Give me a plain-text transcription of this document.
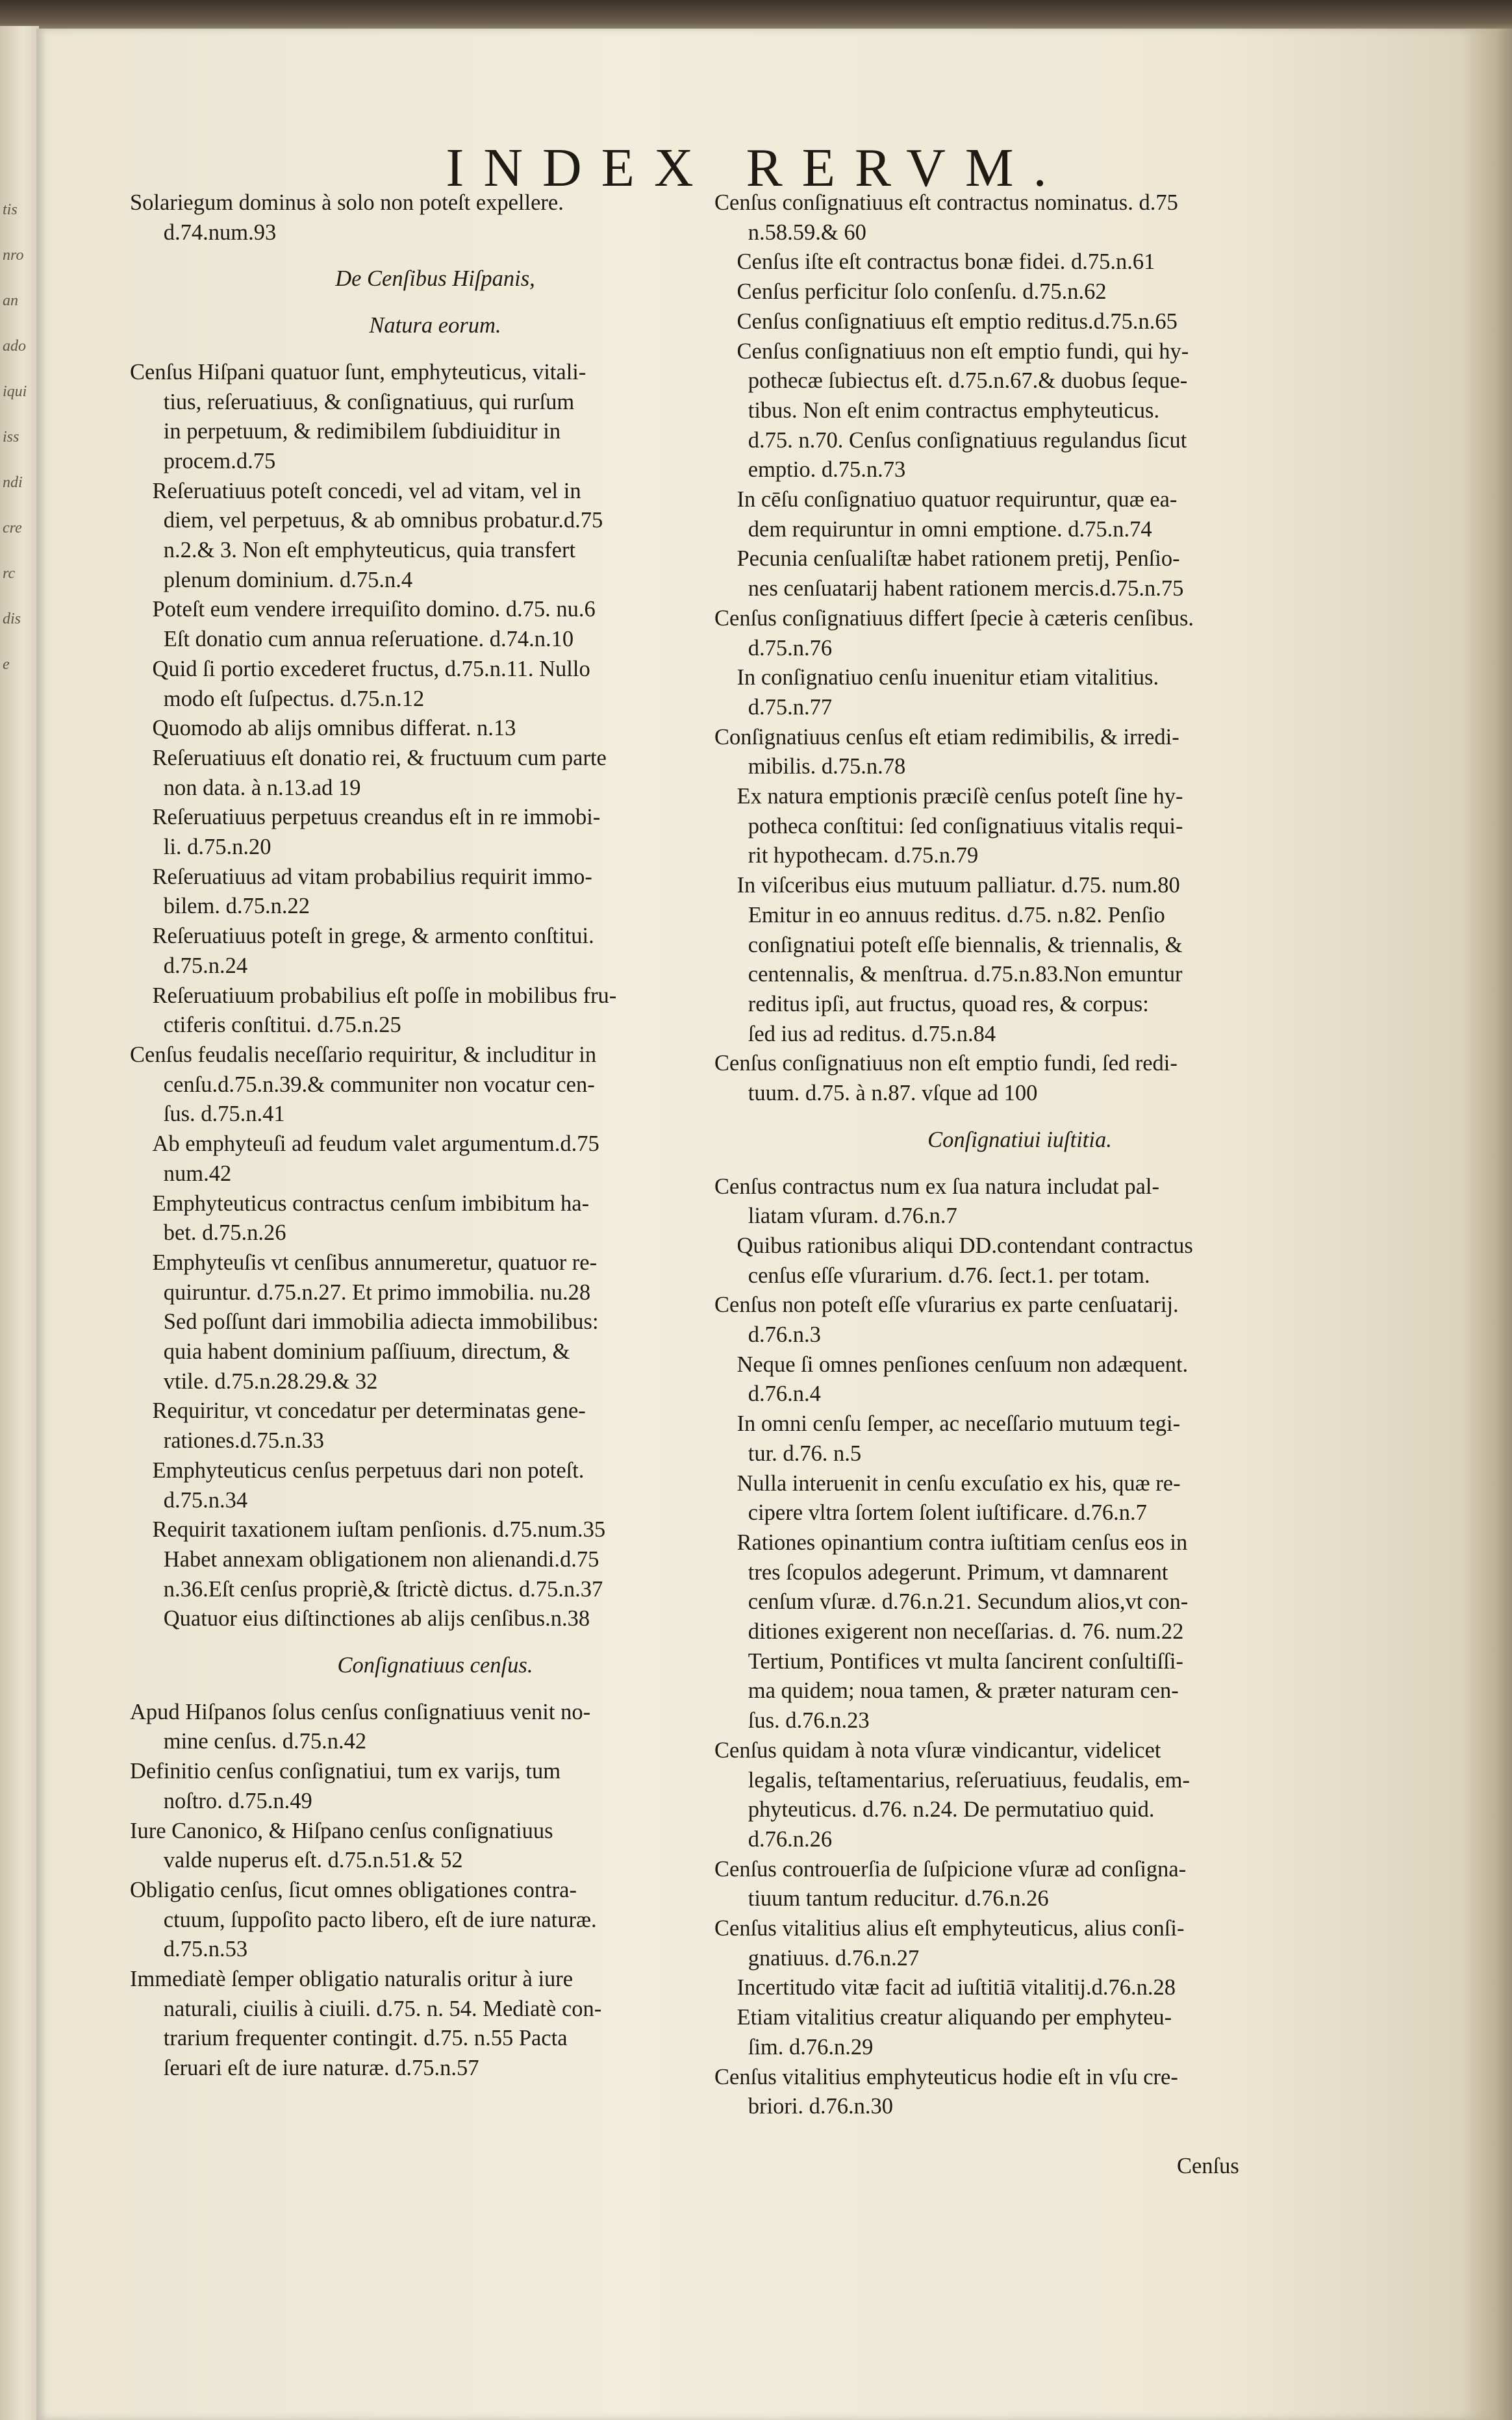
tis
nro
an
ado
iqui
iss
ndi
cre
rc
dis
e
INDEX RERVM.
Solariegum dominus à solo non poteſt expellere.
d.74.num.93
De Cenſibus Hiſpanis,
Natura eorum.
Cenſus Hiſpani quatuor ſunt, emphyteuticus, vitali-
tius, reſeruatiuus, & conſignatiuus, qui rurſum
in perpetuum, & redimibilem ſubdiuiditur in
procem.d.75
Reſeruatiuus poteſt concedi, vel ad vitam, vel in
diem, vel perpetuus, & ab omnibus probatur.d.75
n.2.& 3. Non eſt emphyteuticus, quia transfert
plenum dominium. d.75.n.4
Poteſt eum vendere irrequiſito domino. d.75. nu.6
Eſt donatio cum annua reſeruatione. d.74.n.10
Quid ſi portio excederet fructus, d.75.n.11. Nullo
modo eſt ſuſpectus. d.75.n.12
Quomodo ab alijs omnibus differat. n.13
Reſeruatiuus eſt donatio rei, & fructuum cum parte
non data. à n.13.ad 19
Reſeruatiuus perpetuus creandus eſt in re immobi-
li. d.75.n.20
Reſeruatiuus ad vitam probabilius requirit immo-
bilem. d.75.n.22
Reſeruatiuus poteſt in grege, & armento conſtitui.
d.75.n.24
Reſeruatiuum probabilius eſt poſſe in mobilibus fru-
ctiferis conſtitui. d.75.n.25
Cenſus feudalis neceſſario requiritur, & includitur in
cenſu.d.75.n.39.& communiter non vocatur cen-
ſus. d.75.n.41
Ab emphyteuſi ad feudum valet argumentum.d.75
num.42
Emphyteuticus contractus cenſum imbibitum ha-
bet. d.75.n.26
Emphyteuſis vt cenſibus annumeretur, quatuor re-
quiruntur. d.75.n.27. Et primo immobilia. nu.28
Sed poſſunt dari immobilia adiecta immobilibus:
quia habent dominium paſſiuum, directum, &
vtile. d.75.n.28.29.& 32
Requiritur, vt concedatur per determinatas gene-
rationes.d.75.n.33
Emphyteuticus cenſus perpetuus dari non poteſt.
d.75.n.34
Requirit taxationem iuſtam penſionis. d.75.num.35
Habet annexam obligationem non alienandi.d.75
n.36.Eſt cenſus propriè,& ſtrictè dictus. d.75.n.37
Quatuor eius diſtinctiones ab alijs cenſibus.n.38
Conſignatiuus cenſus.
Apud Hiſpanos ſolus cenſus conſignatiuus venit no-
mine cenſus. d.75.n.42
Definitio cenſus conſignatiui, tum ex varijs, tum
noſtro. d.75.n.49
Iure Canonico, & Hiſpano cenſus conſignatiuus
valde nuperus eſt. d.75.n.51.& 52
Obligatio cenſus, ſicut omnes obligationes contra-
ctuum, ſuppoſito pacto libero, eſt de iure naturæ.
d.75.n.53
Immediatè ſemper obligatio naturalis oritur à iure
naturali, ciuilis à ciuili. d.75. n. 54. Mediatè con-
trarium frequenter contingit. d.75. n.55 Pacta
ſeruari eſt de iure naturæ. d.75.n.57
Cenſus conſignatiuus eſt contractus nominatus. d.75
n.58.59.& 60
Cenſus iſte eſt contractus bonæ fidei. d.75.n.61
Cenſus perficitur ſolo conſenſu. d.75.n.62
Cenſus conſignatiuus eſt emptio reditus.d.75.n.65
Cenſus conſignatiuus non eſt emptio fundi, qui hy-
pothecæ ſubiectus eſt. d.75.n.67.& duobus ſeque-
tibus. Non eſt enim contractus emphyteuticus.
d.75. n.70. Cenſus conſignatiuus regulandus ſicut
emptio. d.75.n.73
In cēſu conſignatiuo quatuor requiruntur, quæ ea-
dem requiruntur in omni emptione. d.75.n.74
Pecunia cenſualiſtæ habet rationem pretij, Penſio-
nes cenſuatarij habent rationem mercis.d.75.n.75
Cenſus conſignatiuus differt ſpecie à cæteris cenſibus.
d.75.n.76
In conſignatiuo cenſu inuenitur etiam vitalitius.
d.75.n.77
Conſignatiuus cenſus eſt etiam redimibilis, & irredi-
mibilis. d.75.n.78
Ex natura emptionis præciſè cenſus poteſt ſine hy-
potheca conſtitui: ſed conſignatiuus vitalis requi-
rit hypothecam. d.75.n.79
In viſceribus eius mutuum palliatur. d.75. num.80
Emitur in eo annuus reditus. d.75. n.82. Penſio
conſignatiui poteſt eſſe biennalis, & triennalis, &
centennalis, & menſtrua. d.75.n.83.Non emuntur
reditus ipſi, aut fructus, quoad res, & corpus:
ſed ius ad reditus. d.75.n.84
Cenſus conſignatiuus non eſt emptio fundi, ſed redi-
tuum. d.75. à n.87. vſque ad 100
Conſignatiui iuſtitia.
Cenſus contractus num ex ſua natura includat pal-
liatam vſuram. d.76.n.7
Quibus rationibus aliqui DD.contendant contractus
cenſus eſſe vſurarium. d.76. ſect.1. per totam.
Cenſus non poteſt eſſe vſurarius ex parte cenſuatarij.
d.76.n.3
Neque ſi omnes penſiones cenſuum non adæquent.
d.76.n.4
In omni cenſu ſemper, ac neceſſario mutuum tegi-
tur. d.76. n.5
Nulla interuenit in cenſu excuſatio ex his, quæ re-
cipere vltra ſortem ſolent iuſtificare. d.76.n.7
Rationes opinantium contra iuſtitiam cenſus eos in
tres ſcopulos adegerunt. Primum, vt damnarent
cenſum vſuræ. d.76.n.21. Secundum alios,vt con-
ditiones exigerent non neceſſarias. d. 76. num.22
Tertium, Pontifices vt multa ſancirent conſultiſſi-
ma quidem; noua tamen, & præter naturam cen-
ſus. d.76.n.23
Cenſus quidam à nota vſuræ vindicantur, videlicet
legalis, teſtamentarius, reſeruatiuus, feudalis, em-
phyteuticus. d.76. n.24. De permutatiuo quid.
d.76.n.26
Cenſus controuerſia de ſuſpicione vſuræ ad conſigna-
tiuum tantum reducitur. d.76.n.26
Cenſus vitalitius alius eſt emphyteuticus, alius conſi-
gnatiuus. d.76.n.27
Incertitudo vitæ facit ad iuſtitiā vitalitij.d.76.n.28
Etiam vitalitius creatur aliquando per emphyteu-
ſim. d.76.n.29
Cenſus vitalitius emphyteuticus hodie eſt in vſu cre-
briori. d.76.n.30
Cenſus
